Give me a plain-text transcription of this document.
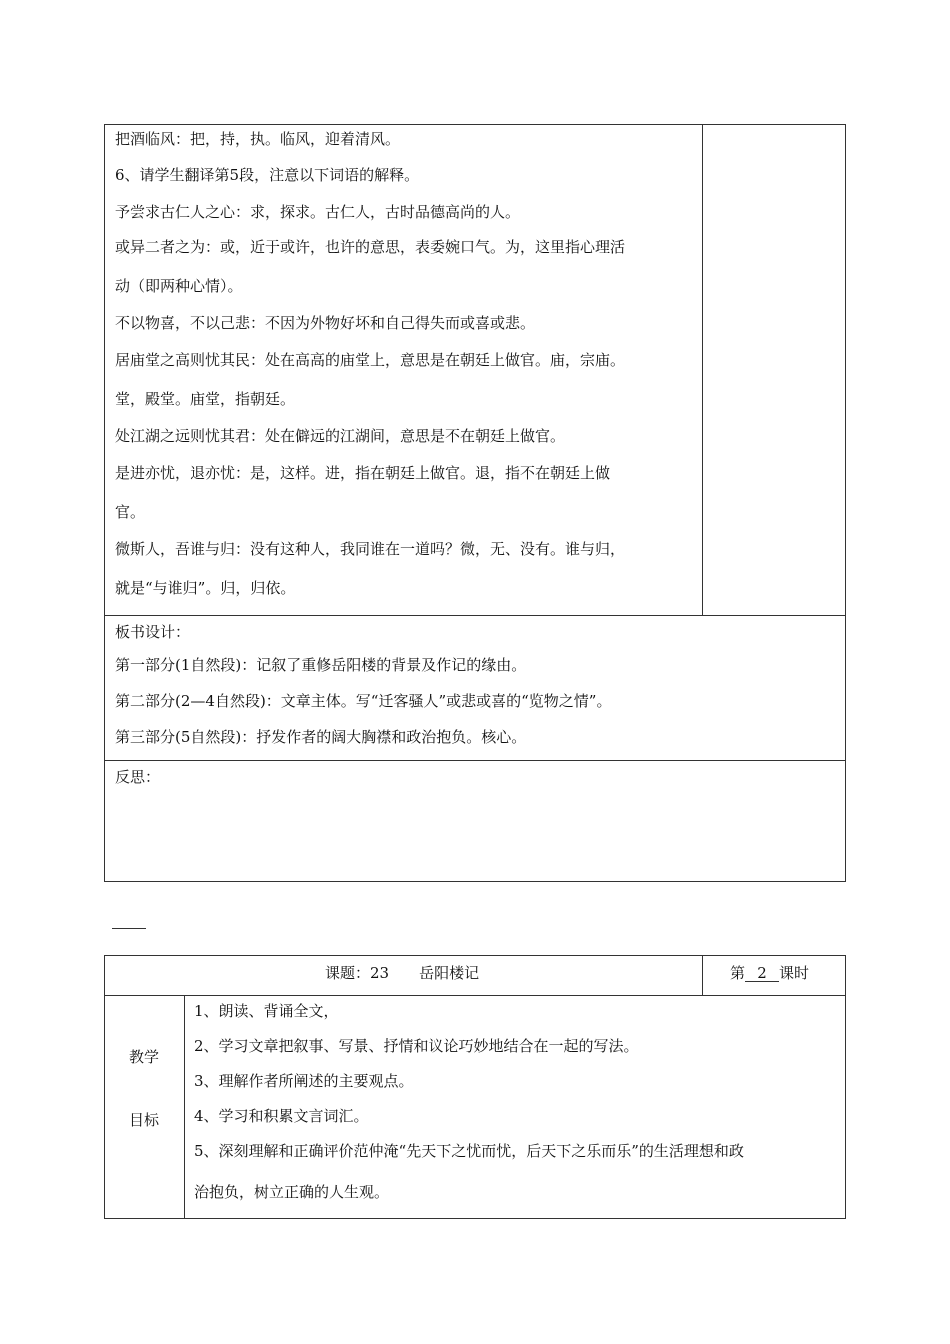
把酒临风：把，持，执。临风，迎着清风。
6、请学生翻译第5段，注意以下词语的解释。
予尝求古仁人之心：求，探求。古仁人，古时品德高尚的人。
或异二者之为：或，近于或许，也许的意思，表委婉口气。为，这里指心理活
动（即两种心情）。
不以物喜，不以己悲：不因为外物好坏和自己得失而或喜或悲。
居庙堂之高则忧其民：处在高高的庙堂上，意思是在朝廷上做官。庙，宗庙。
堂，殿堂。庙堂，指朝廷。
处江湖之远则忧其君：处在僻远的江湖间，意思是不在朝廷上做官。
是进亦忧，退亦忧：是，这样。进，指在朝廷上做官。退，指不在朝廷上做
官。
微斯人，吾谁与归：没有这种人，我同谁在一道吗？微，无、没有。谁与归，
就是“与谁归”。归，归依。
板书设计：
第一部分(1自然段)：记叙了重修岳阳楼的背景及作记的缘由。
第二部分(2—4自然段)：文章主体。写“迁客骚人”或悲或喜的“览物之情”。
第三部分(5自然段)：抒发作者的阔大胸襟和政治抱负。核心。
反思：
课题：23 岳阳楼记	第 2 课时
教学
目标
1、朗读、背诵全文，
2、学习文章把叙事、写景、抒情和议论巧妙地结合在一起的写法。
3、理解作者所阐述的主要观点。
4、学习和积累文言词汇。
5、深刻理解和正确评价范仲淹“先天下之忧而忧，后天下之乐而乐”的生活理想和政
治抱负，树立正确的人生观。
